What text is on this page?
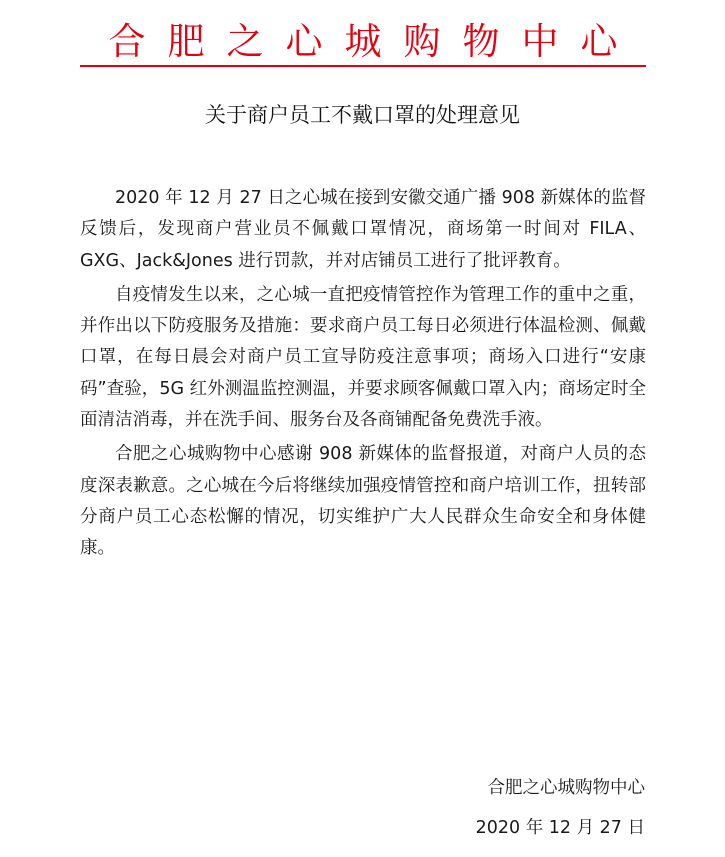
合肥之心城购物中心
关于商户员工不戴口罩的处理意见

2020 年 12 月 27 日之心城在接到安徽交通广播 908 新媒体的监督反馈后，发现商户营业员不佩戴口罩情况，商场第一时间对 FILA、GXG、Jack&Jones 进行罚款，并对店铺员工进行了批评教育。

自疫情发生以来，之心城一直把疫情管控作为管理工作的重中之重，并作出以下防疫服务及措施：要求商户员工每日必须进行体温检测、佩戴口罩，在每日晨会对商户员工宣导防疫注意事项；商场入口进行“安康码”查验，5G 红外测温监控测温，并要求顾客佩戴口罩入内；商场定时全面清洁消毒，并在洗手间、服务台及各商铺配备免费洗手液。

合肥之心城购物中心感谢 908 新媒体的监督报道，对商户人员的态度深表歉意。之心城在今后将继续加强疫情管控和商户培训工作，扭转部分商户员工心态松懈的情况，切实维护广大人民群众生命安全和身体健康。

合肥之心城购物中心
2020 年 12 月 27 日
